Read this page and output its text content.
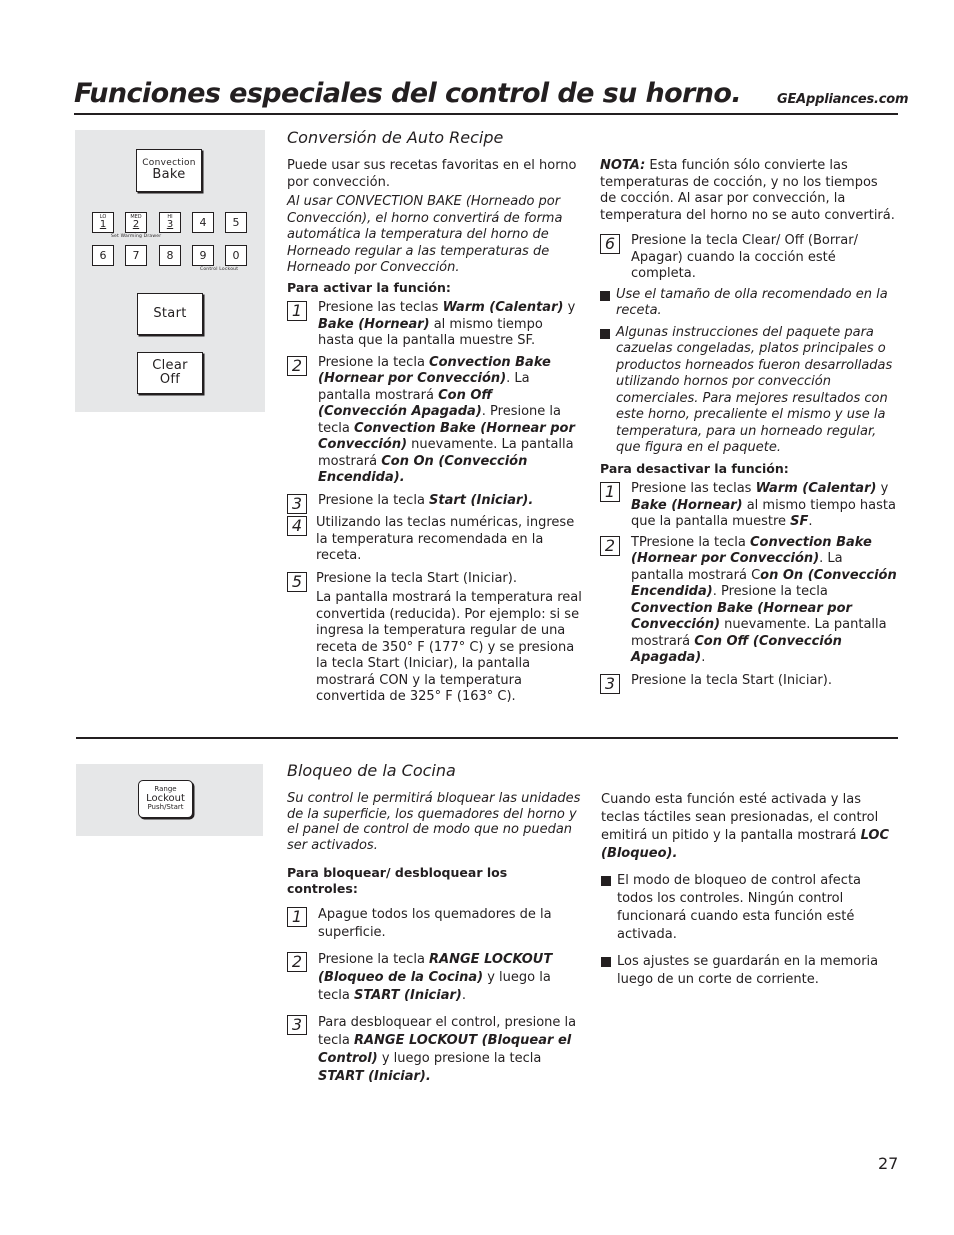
Funciones especiales del control de su horno.	GEAppliances.com
Convection
Bake
LO
1
MED
2
HI
3 4 5
Set Warming Drawer
6 7 8 9 0
Control Lockout
Start
Clear
Off
Conversión de Auto Recipe

Puede usar sus recetas favoritas en el horno por convección.

Al usar CONVECTION BAKE (Horneado por Convección), el horno convertirá de forma automática la temperatura del horno de Horneado regular a las temperaturas de Horneado por Convección.

Para activar la función:

1	Presione las teclas Warm (Calentar) y Bake (Hornear) al mismo tiempo hasta que la pantalla muestre SF.
2	Presione la tecla Convection Bake (Hornear por Convección). La pantalla mostrará Con Off (Convección Apagada). Presione la tecla Convection Bake (Hornear por Convección) nuevamente. La pantalla mostrará Con On (Convección Encendida).
3	Presione la tecla Start (Iniciar).
4	Utilizando las teclas numéricas, ingrese la temperatura recomendada en la receta.
5	Presione la tecla Start (Iniciar).

La pantalla mostrará la temperatura real convertida (reducida). Por ejemplo: si se ingresa la temperatura regular de una receta de 350° F (177° C) y se presiona la tecla Start (Iniciar), la pantalla mostrará CON y la temperatura convertida de 325° F (163° C).

NOTA: Esta función sólo convierte las temperaturas de cocción, y no los tiempos de cocción. Al asar por convección, la temperatura del horno no se auto convertirá.

6	Presione la tecla Clear/ Off (Borrar/ Apagar) cuando la cocción esté completa.
Use el tamaño de olla recomendado en la receta.
Algunas instrucciones del paquete para cazuelas congeladas, platos principales o productos horneados fueron desarrolladas utilizando hornos por convección comerciales. Para mejores resultados con este horno, precaliente el mismo y use la temperatura, para un horneado regular, que figura en el paquete.

Para desactivar la función:

1	Presione las teclas Warm (Calentar) y Bake (Hornear) al mismo tiempo hasta que la pantalla muestre SF.
2	TPresione la tecla Convection Bake (Hornear por Convección). La pantalla mostrará Con On (Convección Encendida). Presione la tecla Convection Bake (Hornear por Convección) nuevamente. La pantalla mostrará Con Off (Convección Apagada).
3	Presione la tecla Start (Iniciar).
Range
Lockout
Push/Start
Bloqueo de la Cocina

Su control le permitirá bloquear las unidades de la superficie, los quemadores del horno y el panel de control de modo que no puedan ser activados.

Para bloquear/ desbloquear los controles:

1	Apague todos los quemadores de la superficie.
2	Presione la tecla RANGE LOCKOUT (Bloqueo de la Cocina) y luego la tecla START (Iniciar).
3	Para desbloquear el control, presione la tecla RANGE LOCKOUT (Bloquear el Control) y luego presione la tecla START (Iniciar).

Cuando esta función esté activada y las teclas táctiles sean presionadas, el control emitirá un pitido y la pantalla mostrará LOC (Bloqueo).

El modo de bloqueo de control afecta todos los controles. Ningún control funcionará cuando esta función esté activada.
Los ajustes se guardarán en la memoria luego de un corte de corriente.
27
